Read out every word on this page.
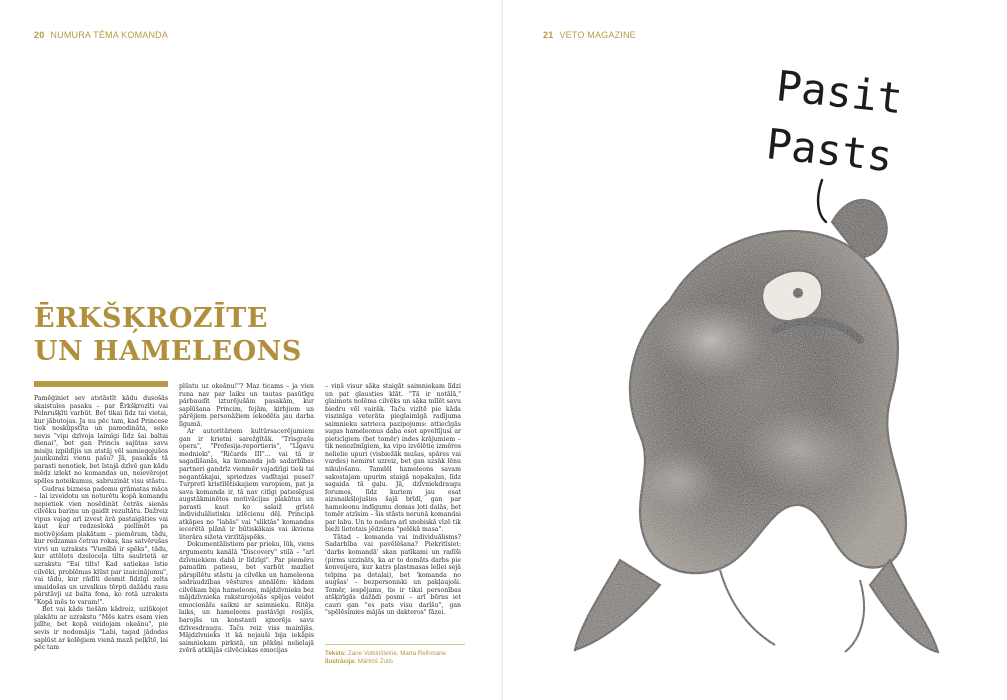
20 NUMURA TĒMA KOMANDA
ĒRKŠĶROZĪTE
UN HAMELEONS

Pamēģiniet sev atstāstīt kādu dusošās skaistules pasaku – par Ērkšķrozīti vai Pelnrušķīti varbūt. Bet tikai līdz tai vietai, kur jābutojas. Ja nu pēc tam, kad Princese tiek noskūpstīta un pamodināta, seko nevis "vipi dzīvoja laimīgi līdz šai baltai dienai", bet gan Princis sajūtas savu misiju izpildījis un atstāj vēl samiegojušos jaunkundzi vienu pašu? Jā, pasakās tā parasti nenotiek, bet īstajā dzīvē gan kāds mēdz izlekt no komandas un, neievērojot spēles noteikumus, sabruzināt visu stāstu.

Gudras biznesa padomu grāmatas māca – lai izveidotu un noturētu kopā komandu nepietiek vien nosēdināt četrās sienās cilvēku bariņu un gaidīt rezultātu. Dažreiz vipus vajag arī izvest ārā pastaigāties vai kaut kur redzeslokā pielīmēt pa motivējošam plakātam – piemēram, tādu, kur redzamas četras rokas, kas satvērušas virvi un uzraksts "Vienībā ir spēks", tādu, kur attēlots dzeloceļa tilts saulrietā ar uzrakstu "Esi tilts! Kad satiekas īstie cilvēki, problēmas kļūst par izaicinājumu", vai tādu, kur rādīti desmit līdzīgi zelta smaidošas un uzvalkus tērpti dažādu rasu pārstāvji uz balta fona, ko rotā uzraksts "Kopā mēs to varam!".

Bet vai kāds tiešām kādreiz, uzlūkojot plakātu ar uzrakstu "Mēs katrs esam vien pilīte, bet kopā veidojam okeānu", pie sevis ir nodomājis "Labi, tagad jādodas saplūst ar kolēģiem vienā mazā peļķītē, lai pēc tam

plūstu uz okeānu!"? Maz ticams – ja vien runa nav par laiku un tautas pasūtīgu pārbaudīt izturējušām pasakām, kur saplūšana Princim, fejām, ķirbjiem un pārējiem personāžiem iekodēta jau darba līgumā.

Ar autoritāriem kultūrsacerējumiem gan ir krietni sarežģītāk. "Trisgrašu opera", "Profesija-reportieris", "Līgavu mednieki", "Ričards III"… vai tā ir sagadīšanās, ka komanda jeb sadarbības partneri gandrīz vienmēr vajadzīgi tieši tai negantākajai, spriedzes vadītajai pusei? Turpretī kristīlētiskajiem varopiem, pat ja sava komanda ir, tā nav citīgi patiesīgusi augstākminētos motivācijas plakātus un parasti kaut ko salaiž grīstē individuālistisku izlēcienu dēļ. Principā atkāpes no "labās" vai "sliktās" komandas iecerētā plānā ir būtiskākais vai ikviena literāra sižeta virzītājspēks.

Dokumentālistiem par prieku, lūk, viens argumentu kanālā "Discovery" stilā – "arī dzīvniekiem dabā ir līdzīgi". Par piemēru pamatīm patiesu, bet varbūt mazliet pārspīlētu stāstu ja cilvēka un hameleona sadraudzības vēstures annālēm: kādam cilvēkam bija hameleons, mājdzīvnieks bez mājdzīvnieka raksturojošās spējas veidot emocionālu saikni ar saimnieku. Ritēja laiks, un hameleons pastāvīgi rosījās, barojās un konstanti ignorēja savu dzīvesdraugu. Taču reiz viss mainījās. Mājdzīvnieks it kā nejauši bija iekāpis saimniekam pirkstā, un pēkšņi nelielajā zvērā atklājās cilvēciskas emocijas

– viņš visur sāka staigāt saimniekam līdzi un pat glausties klāt. "Tā ir notālā," glaimots nolēma cilvēks un sāka mīlēt savu biedru vēl vairāk. Taču vizītē pie kāda viszinīga veterāta pieglaimīgā radījuma saimnieku satrieca pazipojums: attiecīgās sugas hameleonus daba esot apveltījusi ar pieticīgiem (bet tomēr) indes krājumiem – tik nenozīmīgiem, ka vipu izvēlētie izmēros nelielie upuri (visbiežāk mušas, spāres vai vardes) nemirst uzreiz, bet gan uzsāk lēnu nikuļošanu. Tamdēļ hameleons savam sakostajam upurim staigā nopakaļus, līdz sagaida tā galu. Jā, dzīvniekdraugu forumos, līdz kuriem jau esat aizsnaikšļojušies šajā brīdī, gan par hameleonu indīgumu domas ļoti dalās, bet tomēr atzīsim – šis stāsts nerunā komandai par labu. Un to nedara arī snobiskā vīzē tik bieži lietotais jēdziens "pelēkā masa".

Tātad – komanda vai individuālisms? Sadarbība vai pavēlēšana? Piekritīsiet: 'darbs komandā' skan patīkami un radīši (pirms uzzināts, ka ar to domāts darbs pie konveijera, kur katrs plastmasas lellei sejā telpina pa detaļai), bet 'komanda no augšas' – bezpersoniski un pakļaujoši. Tomēr, iespējams, tie ir tikai personības atšķirīgās dažādi posmi – arī bērns iet cauri gan "es pats visu darīšu", gan "spēlēsimies mājās un dakteros" fāzei.

Teksts: Zane Volkinšteine, Marta Reihmane
Ilustrācija: Mārtiņš Zutis
21 VETO MAGAZINE
Pasit
Pasts
